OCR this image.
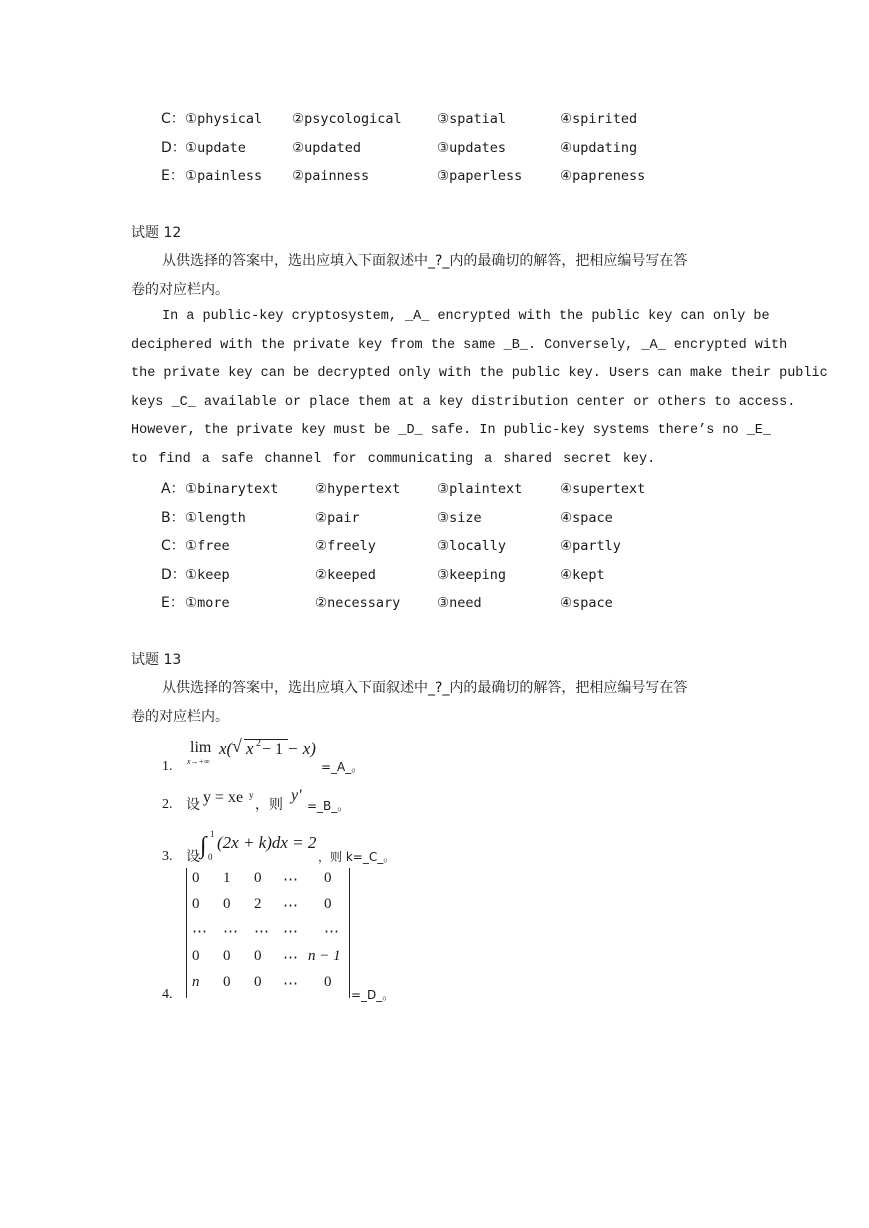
C： ①physical ②psycological	③spatial	④spirited
D： ①update	②updated	③updates	④updating
E： ①painless ②painness	③paperless	④papreness
试题 12
从供选择的答案中，选出应填入下面叙述中_?_内的最确切的解答，把相应编号写在答
卷的对应栏内。
In a public-key cryptosystem, _A_ encrypted with the public key can only be
deciphered with the private key from the same _B_. Conversely, _A_ encrypted with
the private key can be decrypted only with the public key. Users can make their public
keys _C_ available or place them at a key distribution center or others to access.
However, the private key must be _D_ safe. In public-key systems there’s no _E_
to find a safe channel for communicating a shared secret key.
A： ①binarytext	②hypertext	③plaintext	④supertext
B： ①length	②pair	③size	④space
C： ①free	②freely	③locally	④partly
D： ①keep	②keeped	③keeping	④kept
E： ①more	②necessary	③need	④space
试题 13
从供选择的答案中，选出应填入下面叙述中_?_内的最确切的解答，把相应编号写在答
卷的对应栏内。
1.
lim
x→+∞
x( √ x 2 − 1 − x)
=_A_。
2. 设 y = xe y
，则
y'
=_B_。
3. 设 ∫ 1
0
(2x + k)dx = 2
，则 k=_C_。
4.
0 1 0 ⋯ 0
0 0 2 ⋯ 0
⋯ ⋯ ⋯ ⋯ ⋯
0 0 0 ⋯ n − 1
n 0 0 ⋯ 0
=_D_。
